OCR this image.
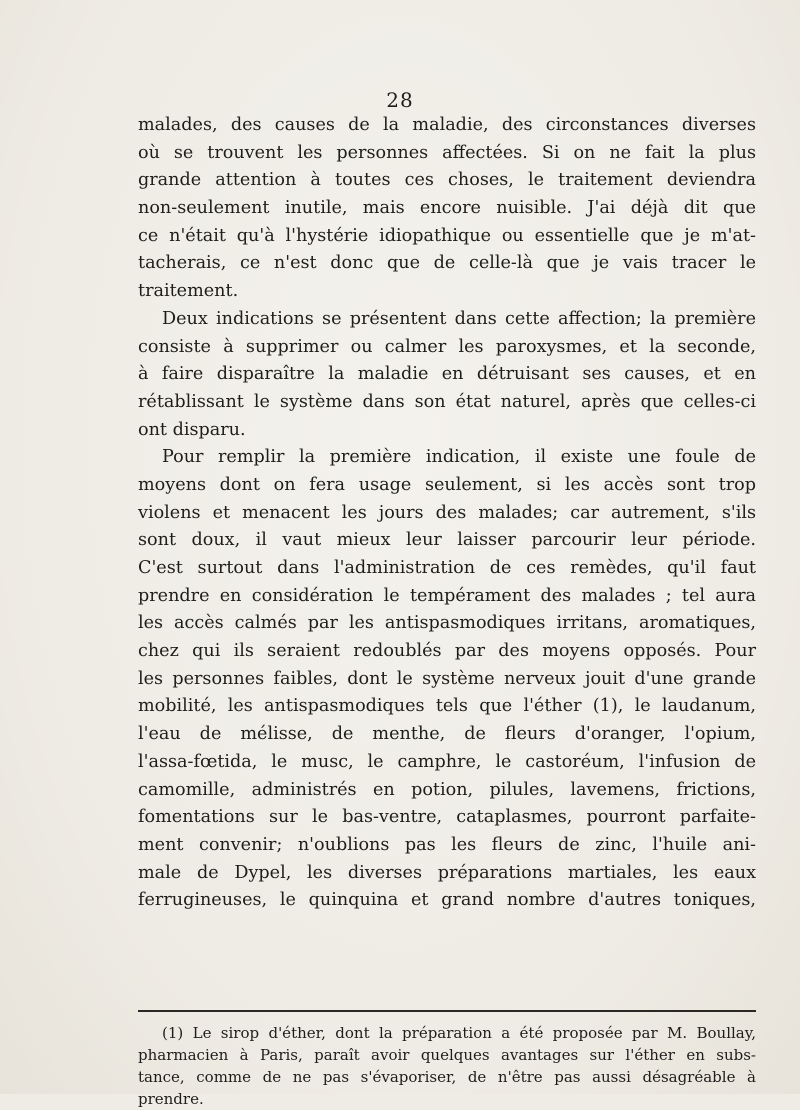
28
malades, des causes de la maladie, des circonstances diverses
où se trouvent les personnes affectées. Si on ne fait la plus
grande attention à toutes ces choses, le traitement deviendra
non-seulement inutile, mais encore nuisible. J'ai déjà dit que
ce n'était qu'à l'hystérie idiopathique ou essentielle que je m'at-
tacherais, ce n'est donc que de celle-là que je vais tracer le
traitement.
Deux indications se présentent dans cette affection; la première
consiste à supprimer ou calmer les paroxysmes, et la seconde,
à faire disparaître la maladie en détruisant ses causes, et en
rétablissant le système dans son état naturel, après que celles-ci
ont disparu.
Pour remplir la première indication, il existe une foule de
moyens dont on fera usage seulement, si les accès sont trop
violens et menacent les jours des malades; car autrement, s'ils
sont doux, il vaut mieux leur laisser parcourir leur période.
C'est surtout dans l'administration de ces remèdes, qu'il faut
prendre en considération le tempérament des malades ; tel aura
les accès calmés par les antispasmodiques irritans, aromatiques,
chez qui ils seraient redoublés par des moyens opposés. Pour
les personnes faibles, dont le système nerveux jouit d'une grande
mobilité, les antispasmodiques tels que l'éther (1), le laudanum,
l'eau de mélisse, de menthe, de fleurs d'oranger, l'opium,
l'assa-fœtida, le musc, le camphre, le castoréum, l'infusion de
camomille, administrés en potion, pilules, lavemens, frictions,
fomentations sur le bas-ventre, cataplasmes, pourront parfaite-
ment convenir; n'oublions pas les fleurs de zinc, l'huile ani-
male de Dypel, les diverses préparations martiales, les eaux
ferrugineuses, le quinquina et grand nombre d'autres toniques,
(1) Le sirop d'éther, dont la préparation a été proposée par M. Boullay,
pharmacien à Paris, paraît avoir quelques avantages sur l'éther en subs-
tance, comme de ne pas s'évaporiser, de n'être pas aussi désagréable à
prendre.
